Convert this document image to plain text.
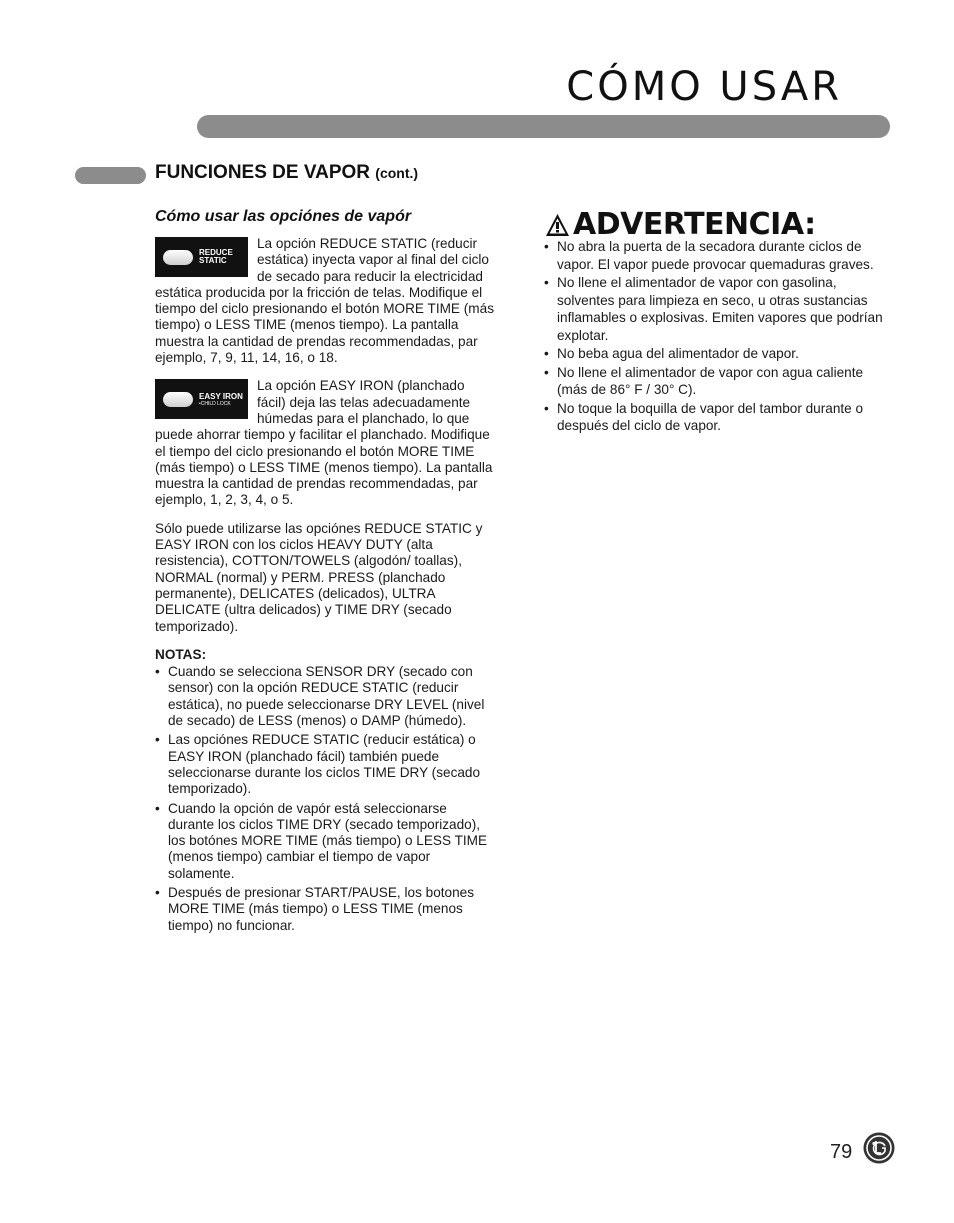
CÓMO USAR
FUNCIONES DE VAPOR (cont.)
Cómo usar las opciónes de vapór
REDUCE
STATIC
La opción REDUCE STATIC (reducir estática) inyecta vapor al final del ciclo de secado para reducir la electricidad estática producida por la fricción de telas. Modifique el tiempo del ciclo presionando el botón MORE TIME (más tiempo) o LESS TIME (menos tiempo). La pantalla muestra la cantidad de prendas recommendadas, par ejemplo, 7, 9, 11, 14, 16, o 18.
EASY IRON
•CHILD LOCK
La opción EASY IRON (planchado fácil) deja las telas adecuadamente húmedas para el planchado, lo que puede ahorrar tiempo y facilitar el planchado. Modifique el tiempo del ciclo presionando el botón MORE TIME (más tiempo) o LESS TIME (menos tiempo). La pantalla muestra la cantidad de prendas recommendadas, par ejemplo, 1, 2, 3, 4, o 5.

Sólo puede utilizarse las opciónes REDUCE STATIC y EASY IRON con los ciclos HEAVY DUTY (alta resistencia), COTTON/TOWELS (algodón/ toallas), NORMAL (normal) y PERM. PRESS (planchado permanente), DELICATES (delicados), ULTRA DELICATE (ultra delicados) y TIME DRY (secado temporizado).

NOTAS:
• Cuando se selecciona SENSOR DRY (secado con sensor) con la opción REDUCE STATIC (reducir estática), no puede seleccionarse DRY LEVEL (nivel de secado) de LESS (menos) o DAMP (húmedo).
• Las opciónes REDUCE STATIC (reducir estática) o EASY IRON (planchado fácil) también puede seleccionarse durante los ciclos TIME DRY (secado temporizado).
• Cuando la opción de vapór está seleccionarse durante los ciclos TIME DRY (secado temporizado), los botónes MORE TIME (más tiempo) o LESS TIME (menos tiempo) cambiar el tiempo de vapor solamente.
• Después de presionar START/PAUSE, los botones MORE TIME (más tiempo) o LESS TIME (menos tiempo) no funcionar.
ADVERTENCIA:
• No abra la puerta de la secadora durante ciclos de vapor. El vapor puede provocar quemaduras graves.
• No llene el alimentador de vapor con gasolina, solventes para limpieza en seco, u otras sustancias inflamables o explosivas. Emiten vapores que podrían explotar.
• No beba agua del alimentador de vapor.
• No llene el alimentador de vapor con agua caliente (más de 86° F / 30° C).
• No toque la boquilla de vapor del tambor durante o después del ciclo de vapor.
79
